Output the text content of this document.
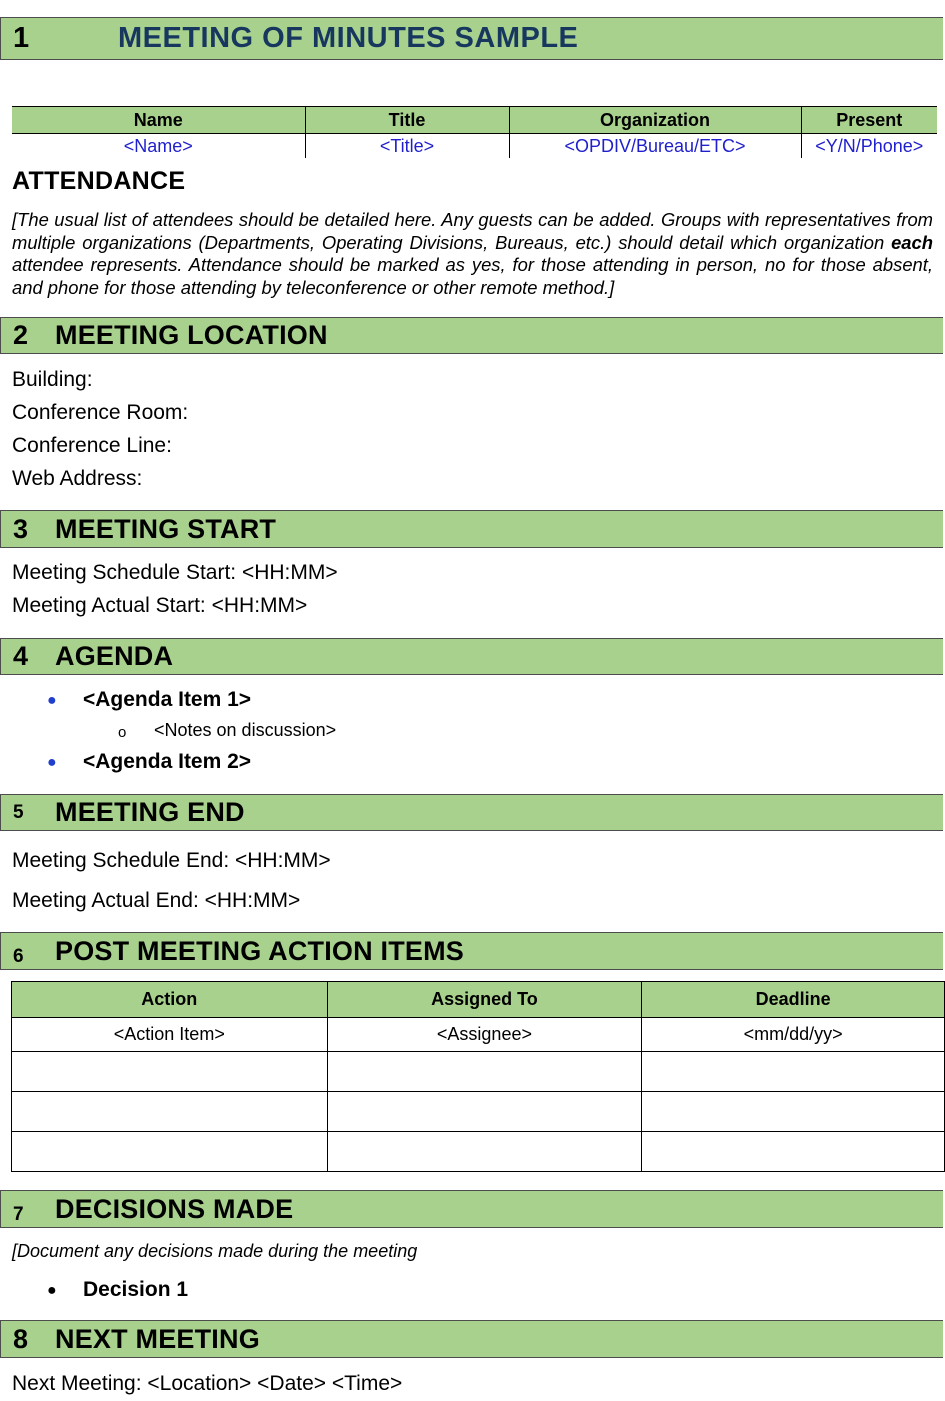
1	MEETING OF MINUTES SAMPLE
Name	Title	Organization	Present
<Name>	<Title>	<OPDIV/Bureau/ETC>	<Y/N/Phone>
ATTENDANCE
[The usual list of attendees should be detailed here. Any guests can be added. Groups with representatives from multiple organizations (Departments, Operating Divisions, Bureaus, etc.) should detail which organization each attendee represents. Attendance should be marked as yes, for those attending in person, no for those absent, and phone for those attending by teleconference or other remote method.]
2 MEETING LOCATION
Building:
Conference Room:
Conference Line:
Web Address:
3 MEETING START
Meeting Schedule Start: <HH:MM>
Meeting Actual Start: <HH:MM>
4 AGENDA
● <Agenda Item 1>
o <Notes on discussion>
● <Agenda Item 2>
5 MEETING END
Meeting Schedule End: <HH:MM>
Meeting Actual End: <HH:MM>
6 POST MEETING ACTION ITEMS
Action	Assigned To	Deadline
<Action Item>	<Assignee>	<mm/dd/yy>

7 DECISIONS MADE
[Document any decisions made during the meeting
● Decision 1
8 NEXT MEETING
Next Meeting: <Location> <Date> <Time>
